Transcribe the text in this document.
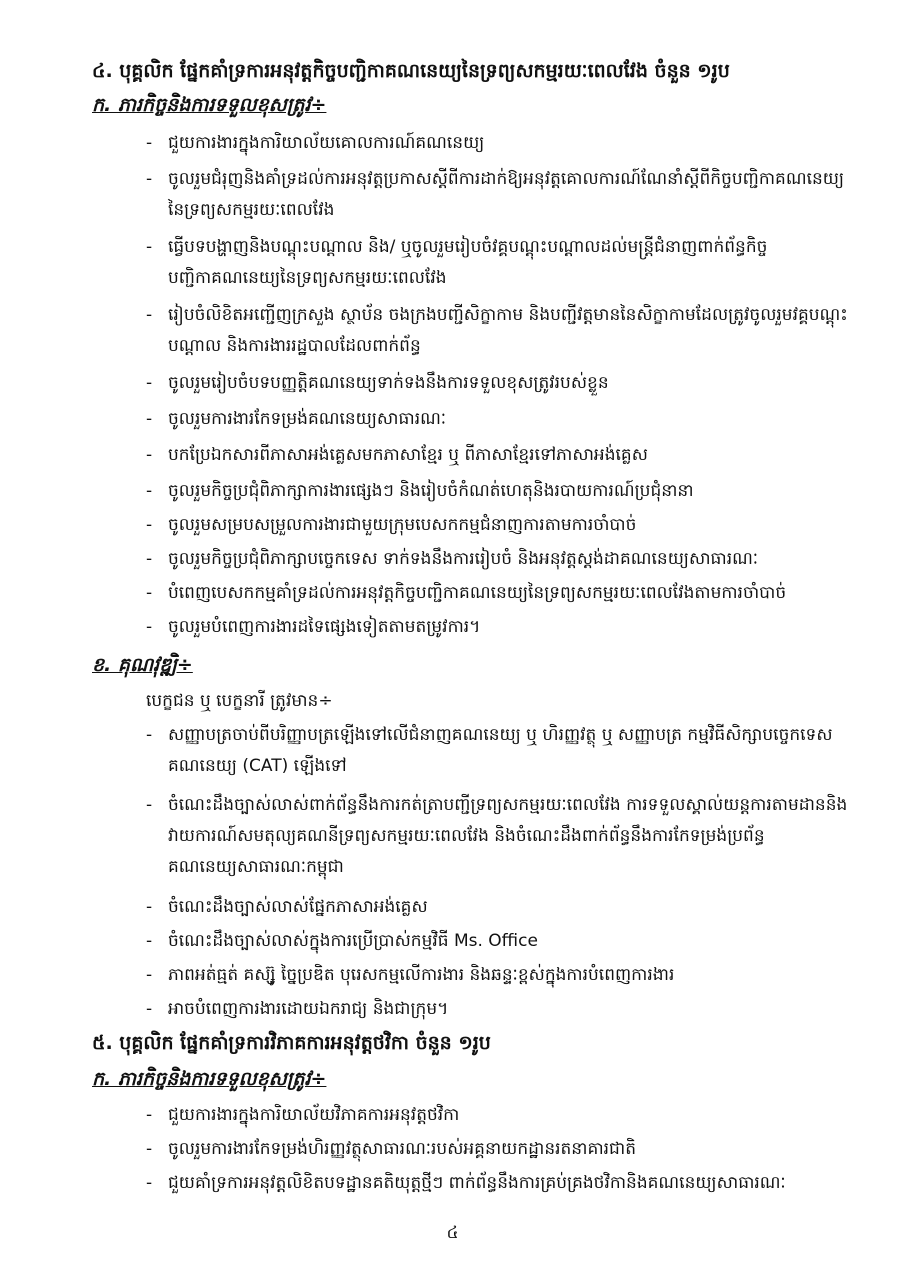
៤. បុគ្គលិក ផ្នែកគាំទ្រការអនុវត្តកិច្ចបញ្ជិកាគណនេយ្យនៃទ្រព្យសកម្មរយៈពេលវែង ចំនួន ១រូប
ក. ភារកិច្ចនិងការទទួលខុសត្រូវ÷
- ជួយការងារក្នុងការិយាល័យគោលការណ៍គណនេយ្យ
- ចូលរួមជំរុញនិងគាំទ្រដល់ការអនុវត្តប្រកាសស្តីពីការដាក់ឱ្យអនុវត្តគោលការណ៍ណែនាំស្តីពីកិច្ចបញ្ជិកាគណនេយ្យនៃទ្រព្យសកម្មរយៈពេលវែង
- ធ្វើបទបង្ហាញនិងបណ្តុះបណ្តាល និង/ ឬចូលរួមរៀបចំវគ្គបណ្តុះបណ្តាលដល់មន្ត្រីជំនាញពាក់ព័ន្ធកិច្ចបញ្ជិកាគណនេយ្យនៃទ្រព្យសកម្មរយៈពេលវែង
- រៀបចំលិខិតអញ្ជើញក្រសួង ស្ថាប័ន ចងក្រងបញ្ជីសិក្ខាកាម និងបញ្ជីវត្តមាននៃសិក្ខាកាមដែលត្រូវចូលរួមវគ្គបណ្តុះបណ្តាល និងការងាររដ្ឋបាលដែលពាក់ព័ន្ធ
- ចូលរួមរៀបចំបទបញ្ញត្តិគណនេយ្យទាក់ទងនឹងការទទួលខុសត្រូវរបស់ខ្លួន
- ចូលរួមការងារកែទម្រង់គណនេយ្យសាធារណៈ
- បកប្រែឯកសារពីភាសាអង់គ្លេសមកភាសាខ្មែរ ឬ ពីភាសាខ្មែរទៅភាសាអង់គ្លេស
- ចូលរួមកិច្ចប្រជុំពិភាក្សាការងារផ្សេងៗ និងរៀបចំកំណត់ហេតុនិងរបាយការណ៍ប្រជុំនានា
- ចូលរួមសម្របសម្រួលការងារជាមួយក្រុមបេសកកម្មជំនាញការតាមការចាំបាច់
- ចូលរួមកិច្ចប្រជុំពិភាក្សាបច្ចេកទេស ទាក់ទងនឹងការរៀបចំ និងអនុវត្តស្តង់ដាគណនេយ្យសាធារណៈ
- បំពេញបេសកកម្មគាំទ្រដល់ការអនុវត្តកិច្ចបញ្ជិកាគណនេយ្យនៃទ្រព្យសកម្មរយៈពេលវែងតាមការចាំបាច់
- ចូលរួមបំពេញការងារដទៃផ្សេងទៀតតាមតម្រូវការ។
ខ. គុណវុឌ្ឍិ÷
បេក្ខជន ឬ បេក្ខនារី ត្រូវមាន÷
- សញ្ញាបត្រចាប់ពីបរិញ្ញាបត្រឡើងទៅលើជំនាញគណនេយ្យ ឬ ហិរញ្ញវត្ថុ ឬ សញ្ញាបត្រ កម្មវិធីសិក្សាបច្ចេកទេសគណនេយ្យ (CAT) ឡើងទៅ
- ចំណេះដឹងច្បាស់លាស់ពាក់ព័ន្ធនឹងការកត់ត្រាបញ្ជីទ្រព្យសកម្មរយៈពេលវែង ការទទួលស្គាល់យន្តការតាមដាននិងវាយការណ៍សមតុល្យគណនីទ្រព្យសកម្មរយៈពេលវែង និងចំណេះដឹងពាក់ព័ន្ធនឹងការកែទម្រង់ប្រព័ន្ធគណនេយ្យសាធារណៈកម្ពុជា
- ចំណេះដឹងច្បាស់លាស់ផ្នែកភាសាអង់គ្លេស
- ចំណេះដឹងច្បាស់លាស់ក្នុងការប្រើប្រាស់កម្មវិធី Ms. Office
- ភាពអត់ធ្មត់ គស្ស៊ូ ច្នៃប្រឌិត បុរេសកម្មលើការងារ និងឆន្ទៈខ្ពស់ក្នុងការបំពេញការងារ
- អាចបំពេញការងារដោយឯករាជ្យ និងជាក្រុម។
៥. បុគ្គលិក ផ្នែកគាំទ្រការវិភាគការអនុវត្តថវិកា ចំនួន ១រូប
ក. ភារកិច្ចនិងការទទួលខុសត្រូវ÷
- ជួយការងារក្នុងការិយាល័យវិភាគការអនុវត្តថវិកា
- ចូលរួមការងារកែទម្រង់ហិរញ្ញវត្ថុសាធារណៈរបស់អគ្គនាយកដ្ឋានរតនាគារជាតិ
- ជួយគាំទ្រការអនុវត្តលិខិតបទដ្ឋានគតិយុត្តថ្មីៗ ពាក់ព័ន្ធនឹងការគ្រប់គ្រងថវិកានិងគណនេយ្យសាធារណៈ
៤
